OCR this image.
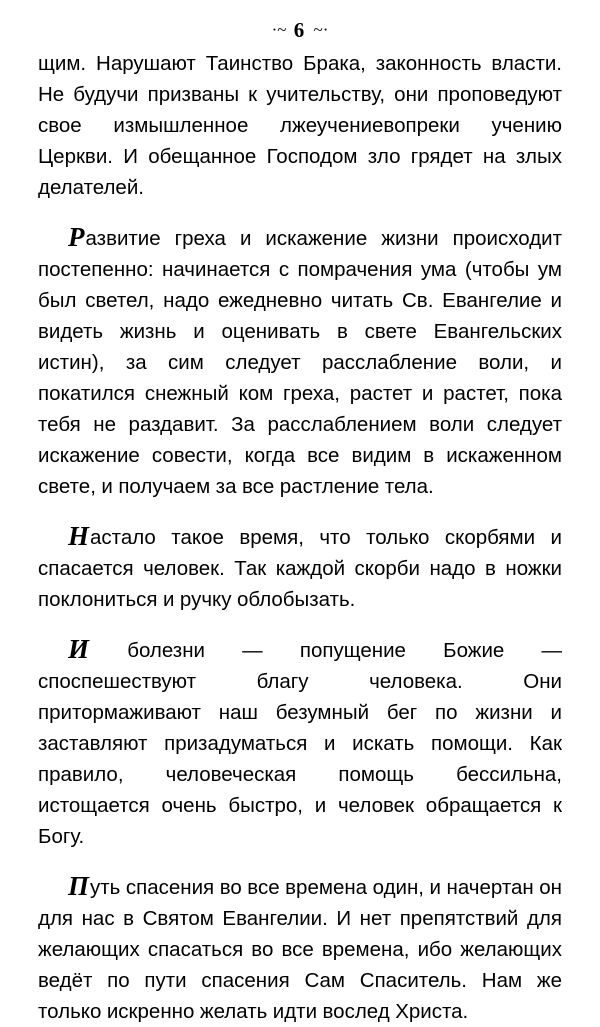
·~ 6 ~·

щим. Нарушают Таинство Брака, законность власти. Не будучи призваны к учительству, они проповедуют свое измышленное лжеучениевопреки учению Церкви. И обещанное Господом зло грядет на злых делателей.

Развитие греха и искажение жизни происходит постепенно: начинается с помрачения ума (чтобы ум был светел, надо ежедневно читать Св. Евангелие и видеть жизнь и оценивать в свете Евангельских истин), за сим следует расслабление воли, и покатился снежный ком греха, растет и растет, пока тебя не раздавит. За расслаблением воли следует искажение совести, когда все видим в искаженном свете, и получаем за все растление тела.

Настало такое время, что только скорбями и спасается человек. Так каждой скорби надо в ножки поклониться и ручку облобызать.

И болезни — попущение Божие — споспешествуют благу человека. Они притормаживают наш безумный бег по жизни и заставляют призадуматься и искать помощи. Как правило, человеческая помощь бессильна, истощается очень быстро, и человек обращается к Богу.

Путь спасения во все времена один, и начертан он для нас в Святом Евангелии. И нет препятствий для желающих спасаться во все времена, ибо желающих ведёт по пути спасения Сам Спаситель. Нам же только искренно желать идти вослед Христа.
